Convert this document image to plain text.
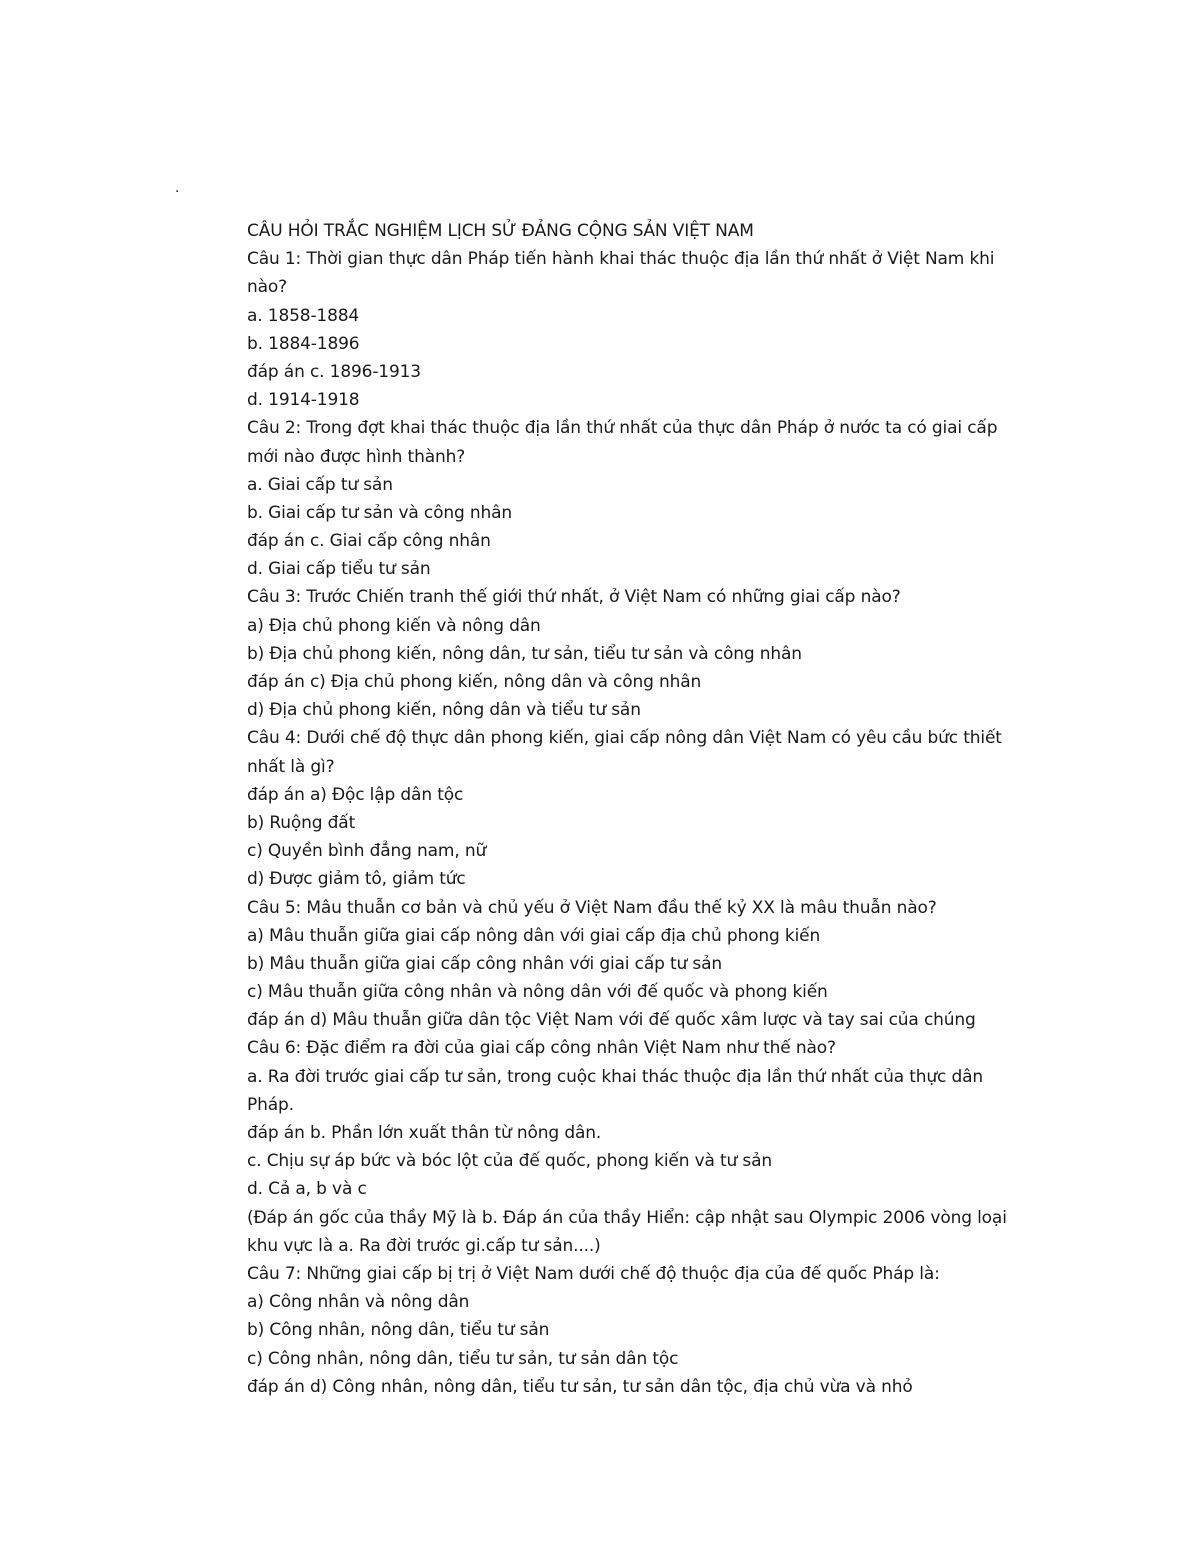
.
CÂU HỎI TRẮC NGHIỆM LỊCH SỬ ĐẢNG CỘNG SẢN VIỆT NAM
Câu 1: Thời gian thực dân Pháp tiến hành khai thác thuộc địa lần thứ nhất ở Việt Nam khi
nào?
a. 1858-1884
b. 1884-1896
đáp án c. 1896-1913
d. 1914-1918
Câu 2: Trong đợt khai thác thuộc địa lần thứ nhất của thực dân Pháp ở nước ta có giai cấp
mới nào được hình thành?
a. Giai cấp tư sản
b. Giai cấp tư sản và công nhân
đáp án c. Giai cấp công nhân
d. Giai cấp tiểu tư sản
Câu 3: Trước Chiến tranh thế giới thứ nhất, ở Việt Nam có những giai cấp nào?
a) Địa chủ phong kiến và nông dân
b) Địa chủ phong kiến, nông dân, tư sản, tiểu tư sản và công nhân
đáp án c) Địa chủ phong kiến, nông dân và công nhân
d) Địa chủ phong kiến, nông dân và tiểu tư sản
Câu 4: Dưới chế độ thực dân phong kiến, giai cấp nông dân Việt Nam có yêu cầu bức thiết
nhất là gì?
đáp án a) Độc lập dân tộc
b) Ruộng đất
c) Quyền bình đẳng nam, nữ
d) Được giảm tô, giảm tức
Câu 5: Mâu thuẫn cơ bản và chủ yếu ở Việt Nam đầu thế kỷ XX là mâu thuẫn nào?
a) Mâu thuẫn giữa giai cấp nông dân với giai cấp địa chủ phong kiến
b) Mâu thuẫn giữa giai cấp công nhân với giai cấp tư sản
c) Mâu thuẫn giữa công nhân và nông dân với đế quốc và phong kiến
đáp án d) Mâu thuẫn giữa dân tộc Việt Nam với đế quốc xâm lược và tay sai của chúng
Câu 6: Đặc điểm ra đời của giai cấp công nhân Việt Nam như thế nào?
a. Ra đời trước giai cấp tư sản, trong cuộc khai thác thuộc địa lần thứ nhất của thực dân
Pháp.
đáp án b. Phần lớn xuất thân từ nông dân.
c. Chịu sự áp bức và bóc lột của đế quốc, phong kiến và tư sản
d. Cả a, b và c
(Đáp án gốc của thầy Mỹ là b. Đáp án của thầy Hiển: cập nhật sau Olympic 2006 vòng loại
khu vực là a. Ra đời trước gi.cấp tư sản....)
Câu 7: Những giai cấp bị trị ở Việt Nam dưới chế độ thuộc địa của đế quốc Pháp là:
a) Công nhân và nông dân
b) Công nhân, nông dân, tiểu tư sản
c) Công nhân, nông dân, tiểu tư sản, tư sản dân tộc
đáp án d) Công nhân, nông dân, tiểu tư sản, tư sản dân tộc, địa chủ vừa và nhỏ
